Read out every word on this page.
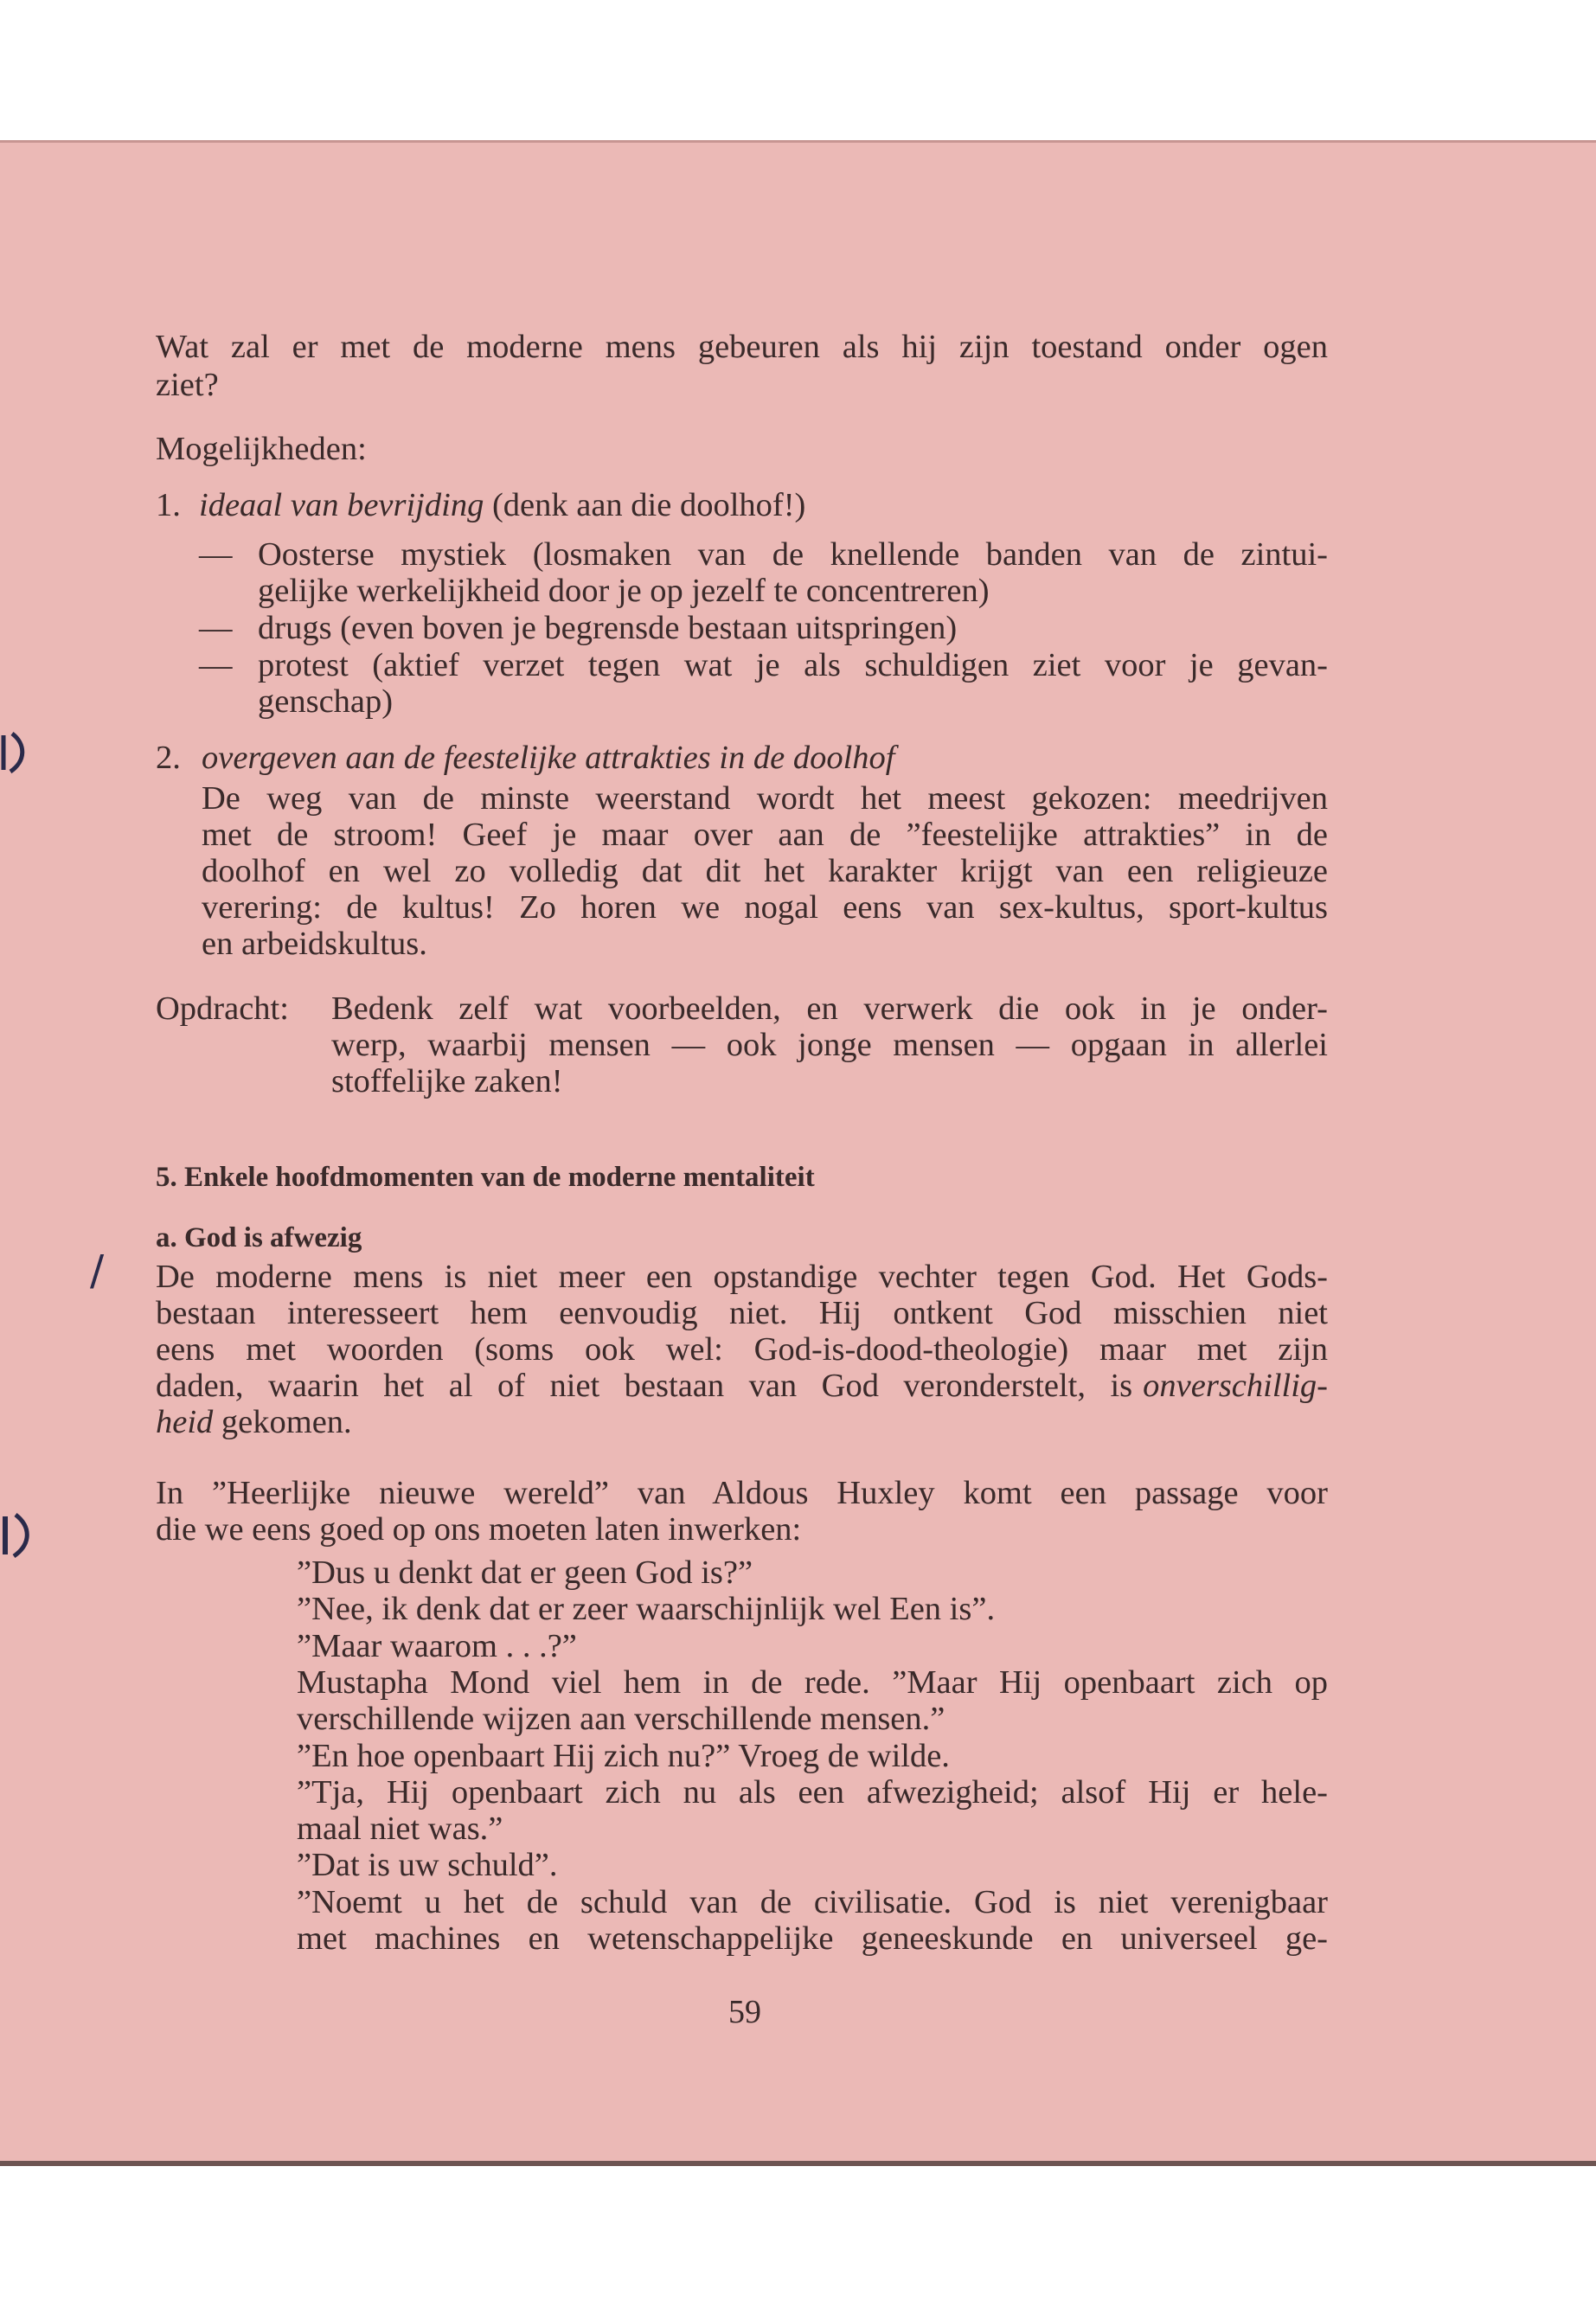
Wat zal er met de moderne mens gebeuren als hij zijn toestand onder ogen
ziet?
Mogelijkheden:
1. ideaal van bevrijding (denk aan die doolhof!)
— Oosterse mystiek (losmaken van de knellende banden van de zintui-
gelijke werkelijkheid door je op jezelf te concentreren)
— drugs (even boven je begrensde bestaan uitspringen)
— protest (aktief verzet tegen wat je als schuldigen ziet voor je gevan-
genschap)
2. overgeven aan de feestelijke attrakties in de doolhof
De weg van de minste weerstand wordt het meest gekozen: meedrijven
met de stroom! Geef je maar over aan de ”feestelijke attrakties” in de
doolhof en wel zo volledig dat dit het karakter krijgt van een religieuze
verering: de kultus! Zo horen we nogal eens van sex-kultus, sport-kultus
en arbeidskultus.
Opdracht: Bedenk zelf wat voorbeelden, en verwerk die ook in je onder-
werp, waarbij mensen — ook jonge mensen — opgaan in allerlei
stoffelijke zaken!
5. Enkele hoofdmomenten van de moderne mentaliteit
a. God is afwezig
De moderne mens is niet meer een opstandige vechter tegen God. Het Gods-
bestaan interesseert hem eenvoudig niet. Hij ontkent God misschien niet
eens met woorden (soms ook wel: God-is-dood-theologie) maar met zijn
daden, waarin het al of niet bestaan van God veronderstelt, is onverschillig-
heid gekomen.
In ”Heerlijke nieuwe wereld” van Aldous Huxley komt een passage voor
die we eens goed op ons moeten laten inwerken:
”Dus u denkt dat er geen God is?”
”Nee, ik denk dat er zeer waarschijnlijk wel Een is”.
”Maar waarom . . .?”
Mustapha Mond viel hem in de rede. ”Maar Hij openbaart zich op
verschillende wijzen aan verschillende mensen.”
”En hoe openbaart Hij zich nu?” Vroeg de wilde.
”Tja, Hij openbaart zich nu als een afwezigheid; alsof Hij er hele-
maal niet was.”
”Dat is uw schuld”.
”Noemt u het de schuld van de civilisatie. God is niet verenigbaar
met machines en wetenschappelijke geneeskunde en universeel ge-
59
/
